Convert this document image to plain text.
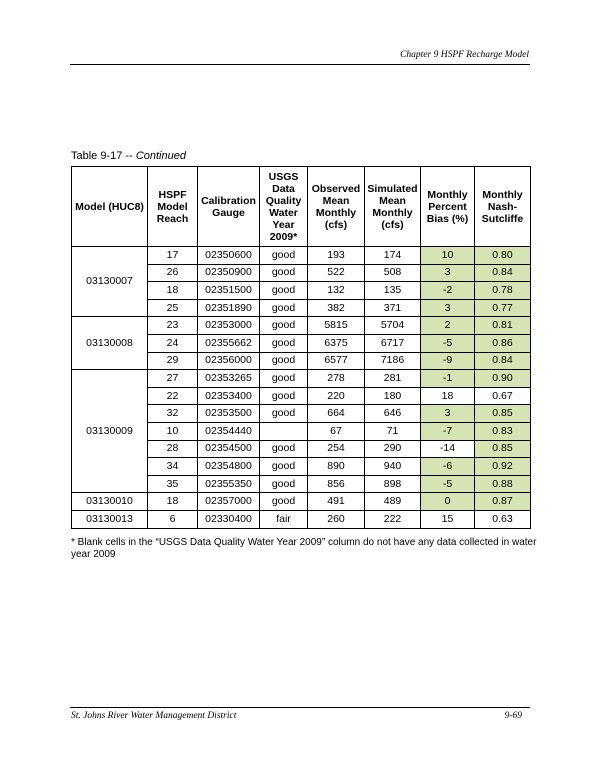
Chapter 9 HSPF Recharge Model
Table 9-17 -- Continued
Model (HUC8)	HSPF Model Reach	Calibration Gauge	USGS Data Quality Water Year 2009*	Observed Mean Monthly (cfs)	Simulated Mean Monthly (cfs)	Monthly Percent Bias (%)	Monthly Nash-Sutcliffe
03130007	17	02350600	good	193	174	10	0.80
	26	02350900	good	522	508	3	0.84
	18	02351500	good	132	135	-2	0.78
	25	02351890	good	382	371	3	0.77
03130008	23	02353000	good	5815	5704	2	0.81
	24	02355662	good	6375	6717	-5	0.86
	29	02356000	good	6577	7186	-9	0.84
03130009	27	02353265	good	278	281	-1	0.90
	22	02353400	good	220	180	18	0.67
	32	02353500	good	664	646	3	0.85
	10	02354440		67	71	-7	0.83
	28	02354500	good	254	290	-14	0.85
	34	02354800	good	890	940	-6	0.92
	35	02355350	good	856	898	-5	0.88
03130010	18	02357000	good	491	489	0	0.87
03130013	6	02330400	fair	260	222	15	0.63
* Blank cells in the “USGS Data Quality Water Year 2009” column do not have any data collected in water year 2009
St. Johns River Water Management District	9-69
